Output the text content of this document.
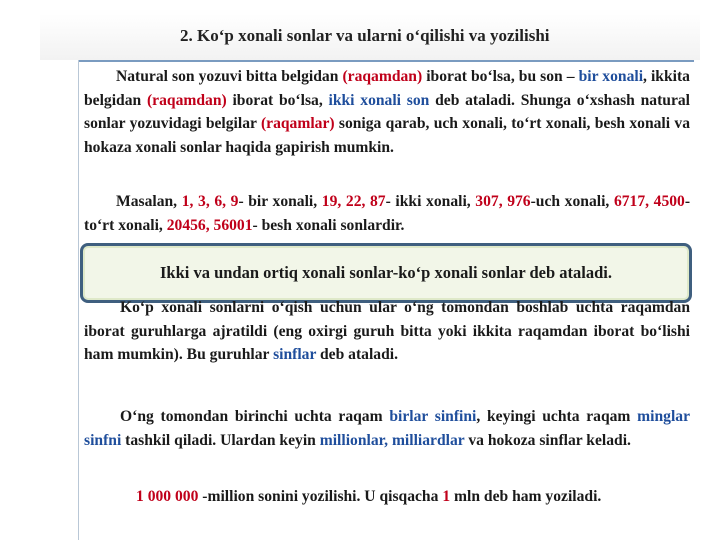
2. Ko‘p xonali sonlar va ularni o‘qilishi va yozilishi
Natural son yozuvi bitta belgidan (raqamdan) iborat bo‘lsa, bu son – bir xonali, ikkita belgidan (raqamdan) iborat bo‘lsa, ikki xonali son deb ataladi. Shunga o‘xshash natural sonlar yozuvidagi belgilar (raqamlar) soniga qarab, uch xonali, to‘rt xonali, besh xonali va hokaza xonali sonlar haqida gapirish mumkin.
Masalan, 1, 3, 6, 9- bir xonali, 19, 22, 87- ikki xonali, 307, 976-uch xonali, 6717, 4500-to‘rt xonali, 20456, 56001- besh xonali sonlardir.
Ikki va undan ortiq xonali sonlar-ko‘p xonali sonlar deb ataladi.
Ko‘p xonali sonlarni o‘qish uchun ular o‘ng tomondan boshlab uchta raqamdan iborat guruhlarga ajratildi (eng oxirgi guruh bitta yoki ikkita raqamdan iborat bo‘lishi ham mumkin). Bu guruhlar sinflar deb ataladi.
O‘ng tomondan birinchi uchta raqam birlar sinfini, keyingi uchta raqam minglar sinfni tashkil qiladi. Ulardan keyin millionlar, milliardlar va hokoza sinflar keladi.
1 000 000 -million sonini yozilishi. U qisqacha 1 mln deb ham yoziladi.
